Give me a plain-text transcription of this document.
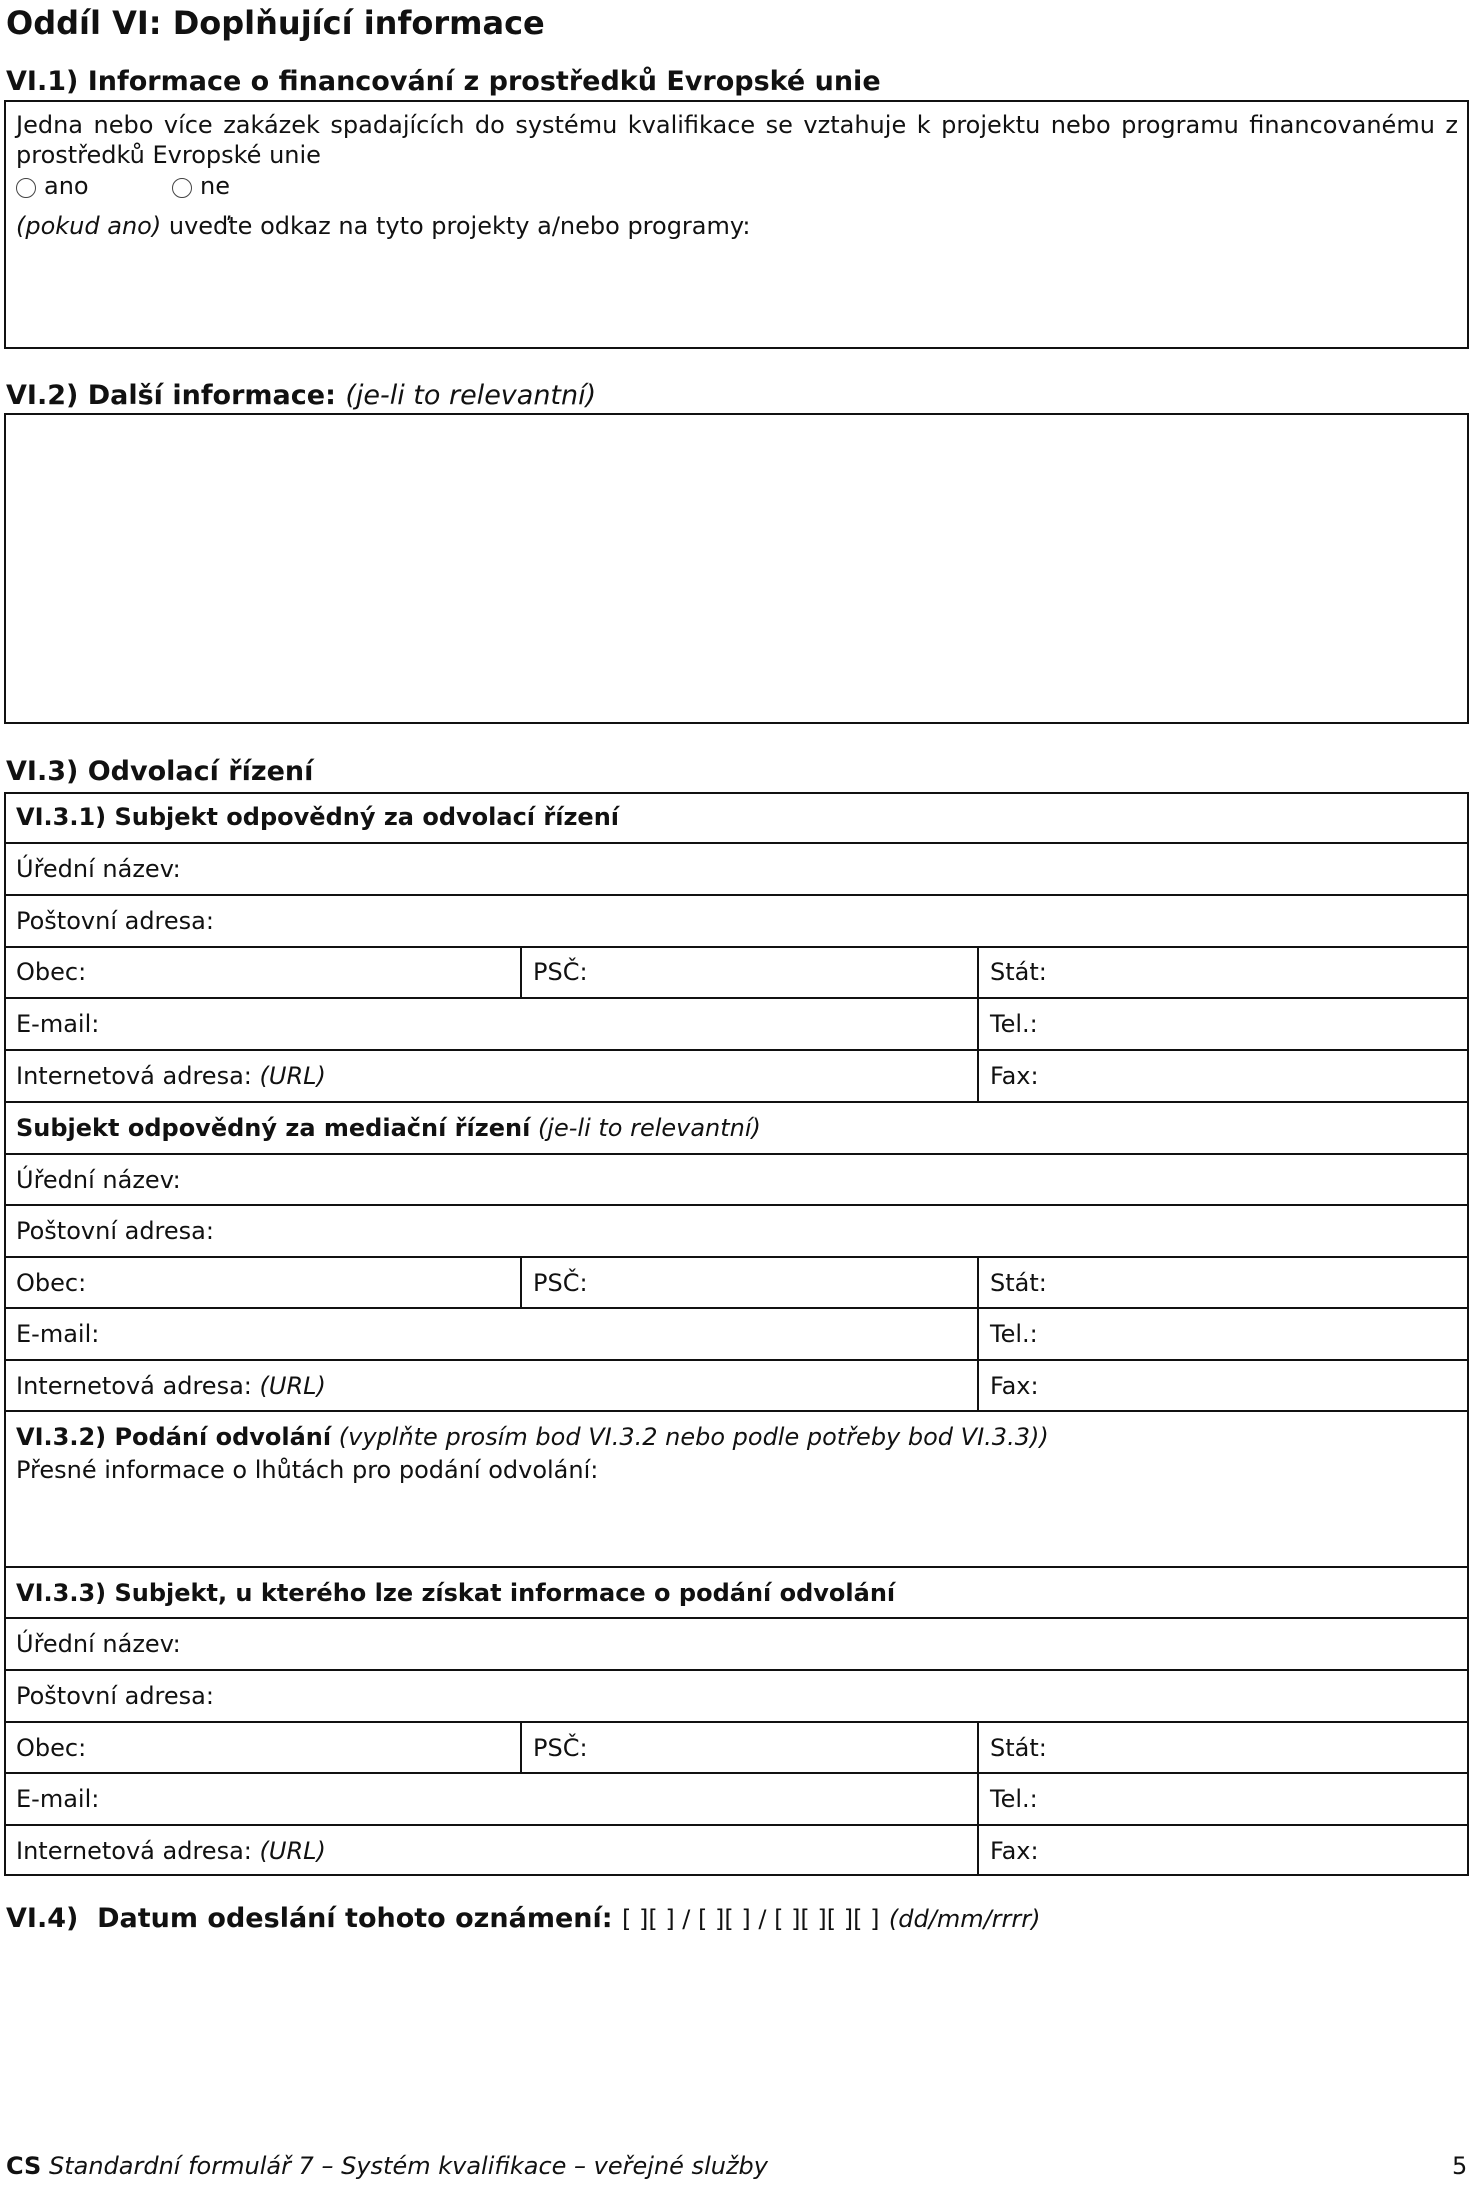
Oddíl VI: Doplňující informace
VI.1) Informace o financování z prostředků Evropské unie
Jedna nebo více zakázek spadajících do systému kvalifikace se vztahuje k projektu nebo programu financovanému z
prostředků Evropské unie
ano	ne
(pokud ano) uveďte odkaz na tyto projekty a/nebo programy:
VI.2) Další informace: (je-li to relevantní)
VI.3) Odvolací řízení
VI.3.1) Subjekt odpovědný za odvolací řízení
Úřední název:
Poštovní adresa:
Obec:	PSČ:	Stát:
E-mail:	Tel.:
Internetová adresa: (URL)	Fax:
Subjekt odpovědný za mediační řízení (je-li to relevantní)
Úřední název:
Poštovní adresa:
Obec:	PSČ:	Stát:
E-mail:	Tel.:
Internetová adresa: (URL)	Fax:
VI.3.2) Podání odvolání (vyplňte prosím bod VI.3.2 nebo podle potřeby bod VI.3.3))
Přesné informace o lhůtách pro podání odvolání:
VI.3.3) Subjekt, u kterého lze získat informace o podání odvolání
Úřední název:
Poštovní adresa:
Obec:	PSČ:	Stát:
E-mail:	Tel.:
Internetová adresa: (URL)	Fax:
VI.4) Datum odeslání tohoto oznámení: [ ][ ] / [ ][ ] / [ ][ ][ ][ ] (dd/mm/rrrr)
CS Standardní formulář 7 – Systém kvalifikace – veřejné služby	5
